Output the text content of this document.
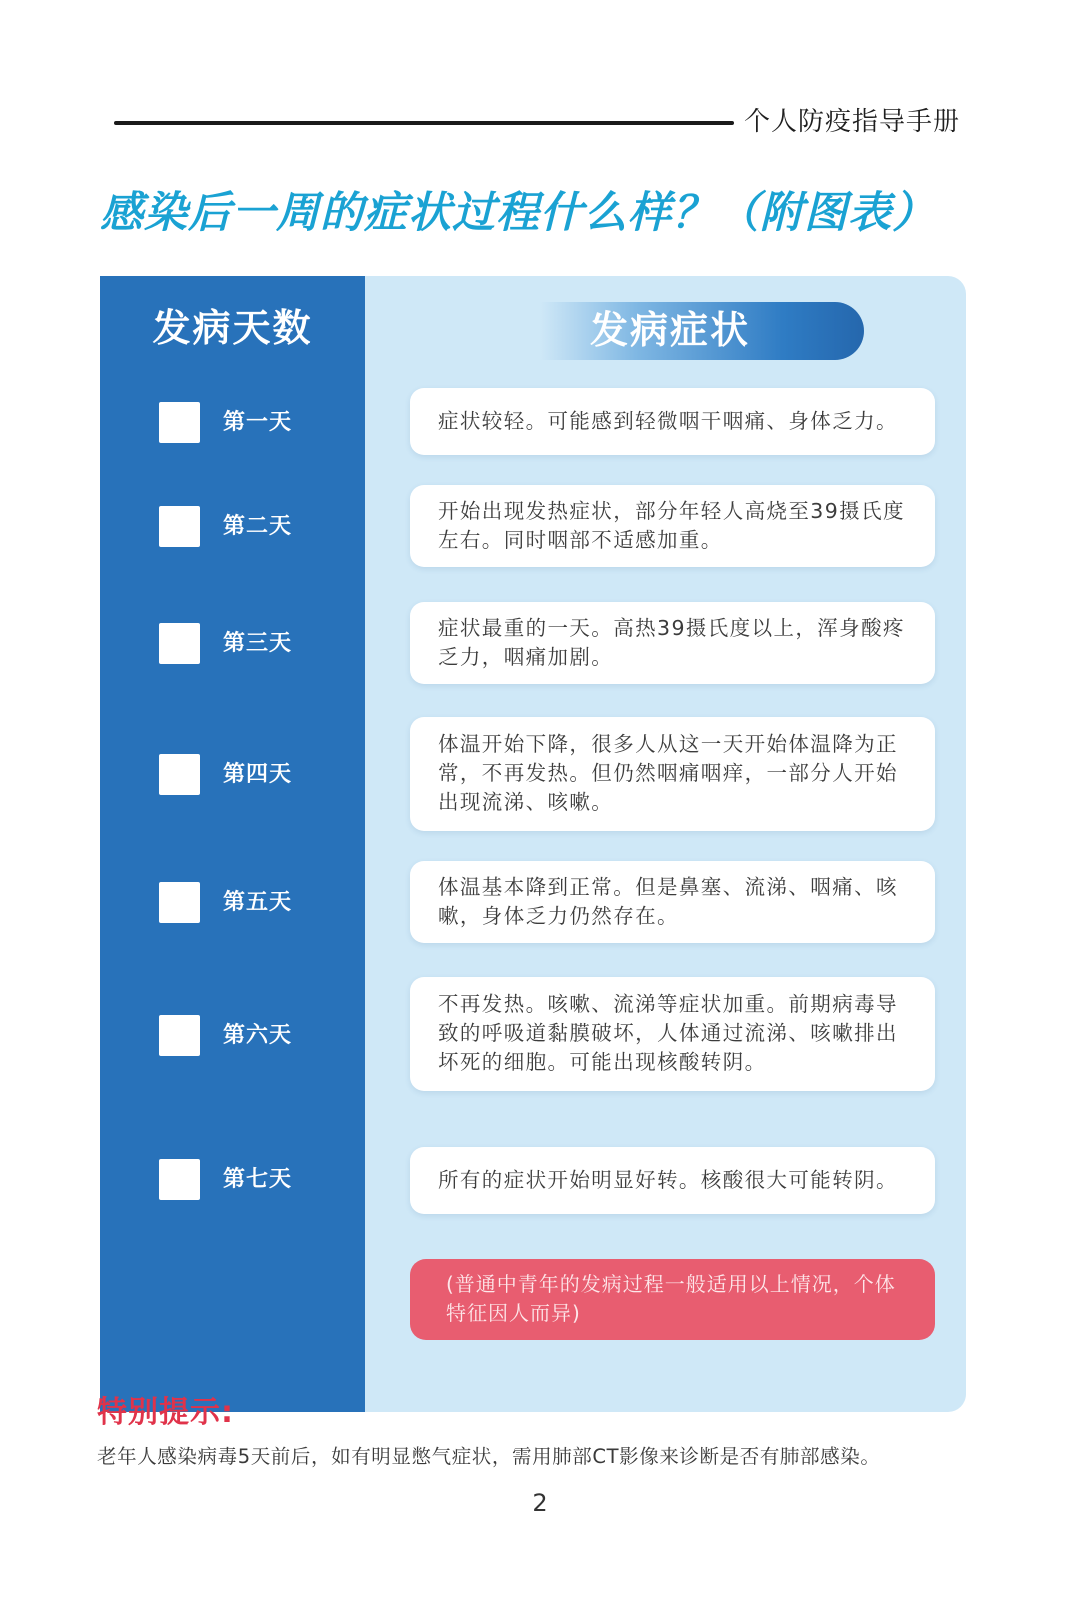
个人防疫指导手册
感染后一周的症状过程什么样？（附图表）
发病天数	发病症状
第一天	症状较轻。可能感到轻微咽干咽痛、身体乏力。
第二天
开始出现发热症状，部分年轻人高烧至39摄氏度左右。同时咽部不适感加重。
第三天
症状最重的一天。高热39摄氏度以上，浑身酸疼乏力，咽痛加剧。
第四天
体温开始下降，很多人从这一天开始体温降为正常，不再发热。但仍然咽痛咽痒，一部分人开始出现流涕、咳嗽。
第五天
体温基本降到正常。但是鼻塞、流涕、咽痛、咳嗽，身体乏力仍然存在。
第六天
不再发热。咳嗽、流涕等症状加重。前期病毒导致的呼吸道黏膜破坏，人体通过流涕、咳嗽排出坏死的细胞。可能出现核酸转阴。
第七天	所有的症状开始明显好转。核酸很大可能转阴。
(普通中青年的发病过程一般适用以上情况，个体特征因人而异)
特别提示:
老年人感染病毒5天前后，如有明显憋气症状，需用肺部CT影像来诊断是否有肺部感染。
2
